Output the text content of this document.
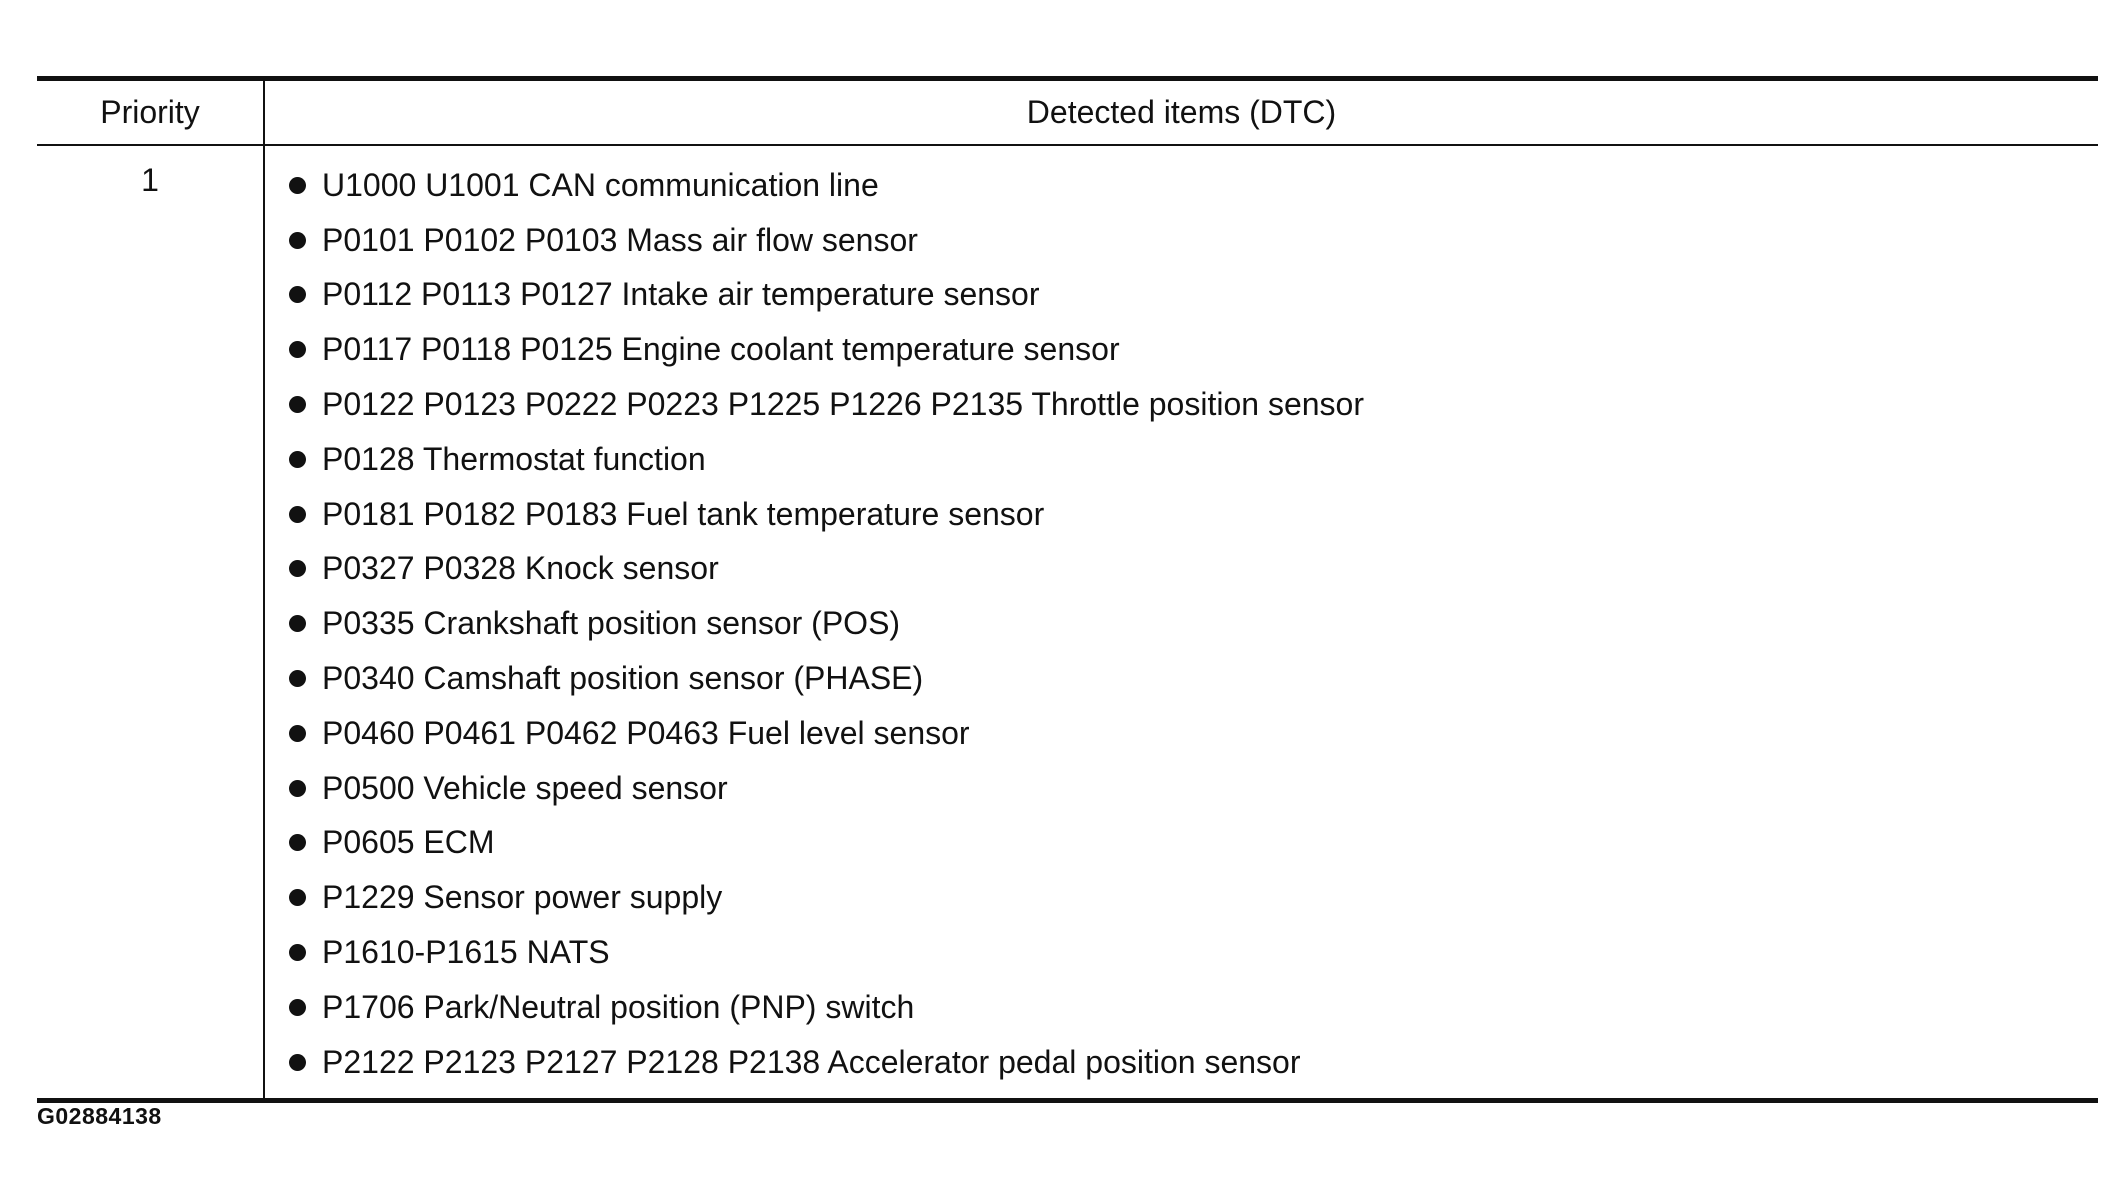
Priority	Detected items (DTC)
1	U1000 U1001 CAN communication line
P0101 P0102 P0103 Mass air flow sensor
P0112 P0113 P0127 Intake air temperature sensor
P0117 P0118 P0125 Engine coolant temperature sensor
P0122 P0123 P0222 P0223 P1225 P1226 P2135 Throttle position sensor
P0128 Thermostat function
P0181 P0182 P0183 Fuel tank temperature sensor
P0327 P0328 Knock sensor
P0335 Crankshaft position sensor (POS)
P0340 Camshaft position sensor (PHASE)
P0460 P0461 P0462 P0463 Fuel level sensor
P0500 Vehicle speed sensor
P0605 ECM
P1229 Sensor power supply
P1610-P1615 NATS
P1706 Park/Neutral position (PNP) switch
P2122 P2123 P2127 P2128 P2138 Accelerator pedal position sensor
G02884138
